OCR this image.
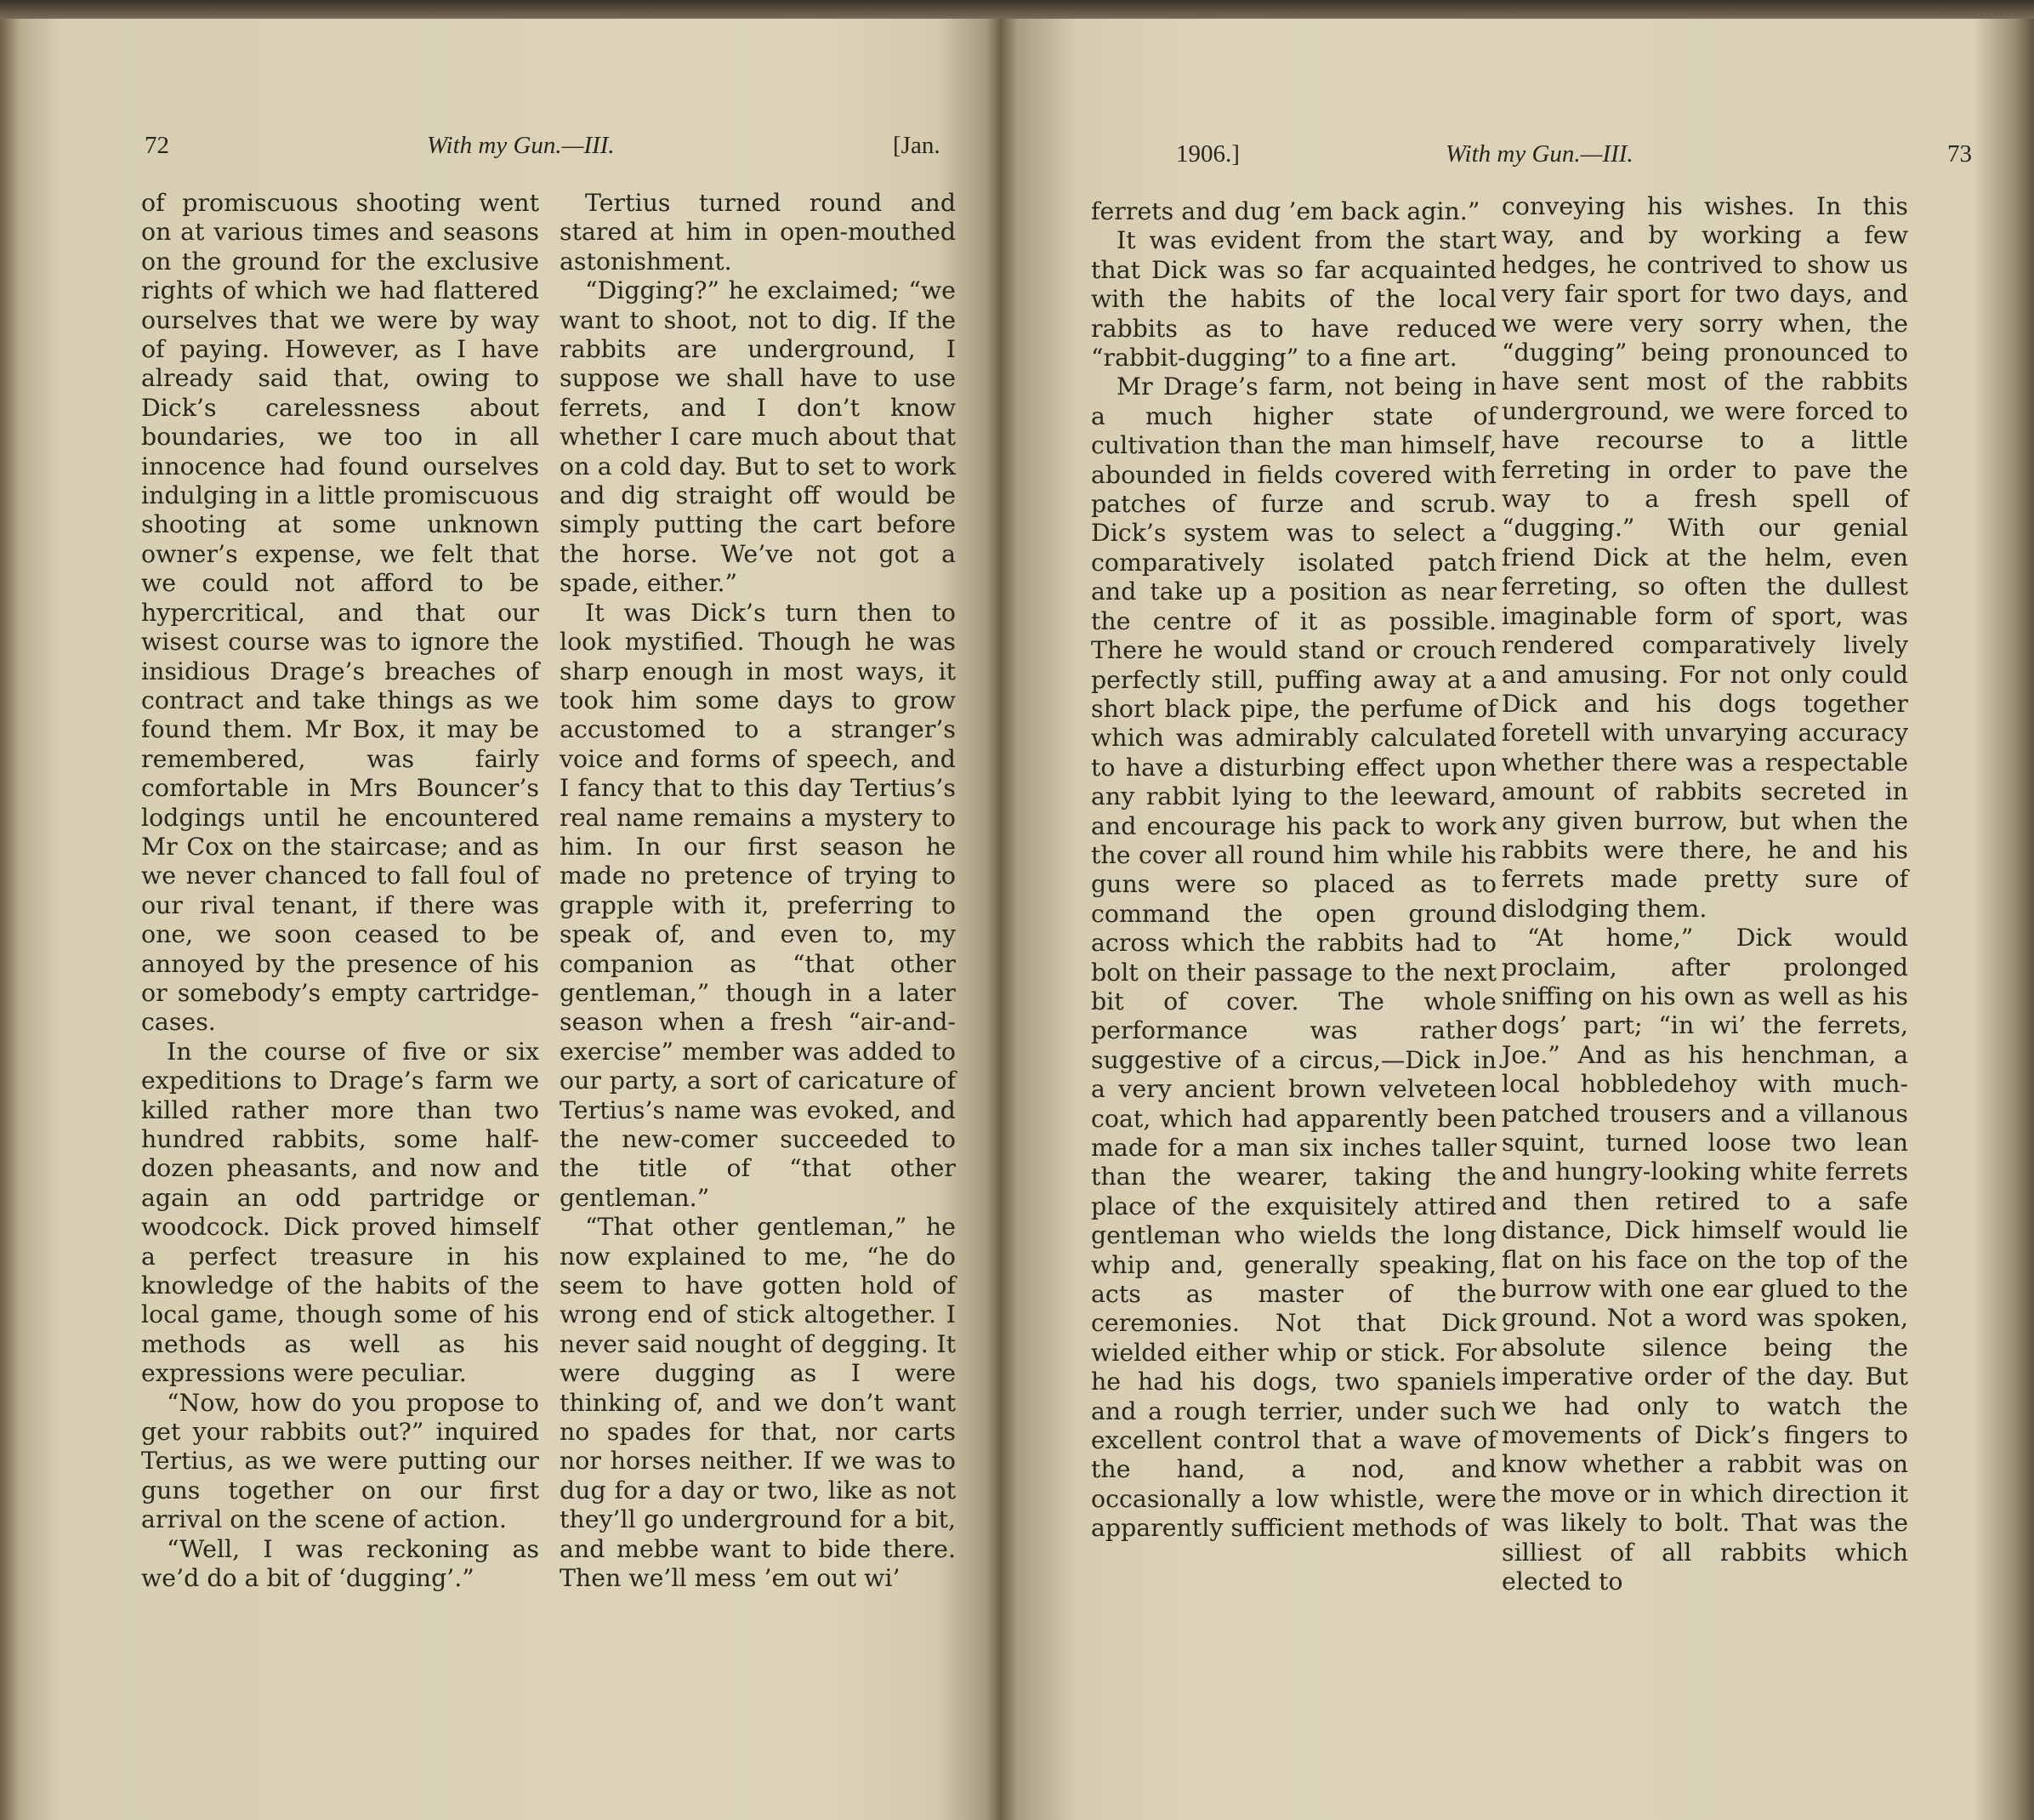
72	With my Gun.—III.	[Jan.

of promiscuous shooting went on at various times and seasons on the ground for the exclusive rights of which we had flattered ourselves that we were by way of paying. However, as I have already said that, owing to Dick’s carelessness about boundaries, we too in all innocence had found ourselves indulging in a little promiscuous shooting at some unknown owner’s expense, we felt that we could not afford to be hypercritical, and that our wisest course was to ignore the insidious Drage’s breaches of contract and take things as we found them. Mr Box, it may be remembered, was fairly comfortable in Mrs Bouncer’s lodgings until he encountered Mr Cox on the staircase; and as we never chanced to fall foul of our rival tenant, if there was one, we soon ceased to be annoyed by the presence of his or somebody’s empty cartridge-cases.

In the course of five or six expeditions to Drage’s farm we killed rather more than two hundred rabbits, some half-dozen pheasants, and now and again an odd partridge or woodcock. Dick proved himself a perfect treasure in his knowledge of the habits of the local game, though some of his methods as well as his expressions were peculiar.

“Now, how do you propose to get your rabbits out?” inquired Tertius, as we were putting our guns together on our first arrival on the scene of action.

“Well, I was reckoning as we’d do a bit of ‘dugging’.”

Tertius turned round and stared at him in open-mouthed astonishment.

“Digging?” he exclaimed; “we want to shoot, not to dig. If the rabbits are underground, I suppose we shall have to use ferrets, and I don’t know whether I care much about that on a cold day. But to set to work and dig straight off would be simply putting the cart before the horse. We’ve not got a spade, either.”

It was Dick’s turn then to look mystified. Though he was sharp enough in most ways, it took him some days to grow accustomed to a stranger’s voice and forms of speech, and I fancy that to this day Tertius’s real name remains a mystery to him. In our first season he made no pretence of trying to grapple with it, preferring to speak of, and even to, my companion as “that other gentleman,” though in a later season when a fresh “air-and-exercise” member was added to our party, a sort of caricature of Tertius’s name was evoked, and the new-comer succeeded to the title of “that other gentleman.”

“That other gentleman,” he now explained to me, “he do seem to have gotten hold of wrong end of stick altogether. I never said nought of degging. It were dugging as I were thinking of, and we don’t want no spades for that, nor carts nor horses neither. If we was to dug for a day or two, like as not they’ll go underground for a bit, and mebbe want to bide there. Then we’ll mess ’em out wi’

1906.]	With my Gun.—III.	73

ferrets and dug ’em back agin.”

It was evident from the start that Dick was so far acquainted with the habits of the local rabbits as to have reduced “rabbit-dugging” to a fine art.

Mr Drage’s farm, not being in a much higher state of cultivation than the man himself, abounded in fields covered with patches of furze and scrub. Dick’s system was to select a comparatively isolated patch and take up a position as near the centre of it as possible. There he would stand or crouch perfectly still, puffing away at a short black pipe, the perfume of which was admirably calculated to have a disturbing effect upon any rabbit lying to the leeward, and encourage his pack to work the cover all round him while his guns were so placed as to command the open ground across which the rabbits had to bolt on their passage to the next bit of cover. The whole performance was rather suggestive of a circus,—Dick in a very ancient brown velveteen coat, which had apparently been made for a man six inches taller than the wearer, taking the place of the exquisitely attired gentleman who wields the long whip and, generally speaking, acts as master of the ceremonies. Not that Dick wielded either whip or stick. For he had his dogs, two spaniels and a rough terrier, under such excellent control that a wave of the hand, a nod, and occasionally a low whistle, were apparently sufficient methods of

conveying his wishes. In this way, and by working a few hedges, he contrived to show us very fair sport for two days, and we were very sorry when, the “dugging” being pronounced to have sent most of the rabbits underground, we were forced to have recourse to a little ferreting in order to pave the way to a fresh spell of “dugging.” With our genial friend Dick at the helm, even ferreting, so often the dullest imaginable form of sport, was rendered comparatively lively and amusing. For not only could Dick and his dogs together foretell with unvarying accuracy whether there was a respectable amount of rabbits secreted in any given burrow, but when the rabbits were there, he and his ferrets made pretty sure of dislodging them.

“At home,” Dick would proclaim, after prolonged sniffing on his own as well as his dogs’ part; “in wi’ the ferrets, Joe.” And as his henchman, a local hobbledehoy with much-patched trousers and a villanous squint, turned loose two lean and hungry-looking white ferrets and then retired to a safe distance, Dick himself would lie flat on his face on the top of the burrow with one ear glued to the ground. Not a word was spoken, absolute silence being the imperative order of the day. But we had only to watch the movements of Dick’s fingers to know whether a rabbit was on the move or in which direction it was likely to bolt. That was the silliest of all rabbits which elected to
